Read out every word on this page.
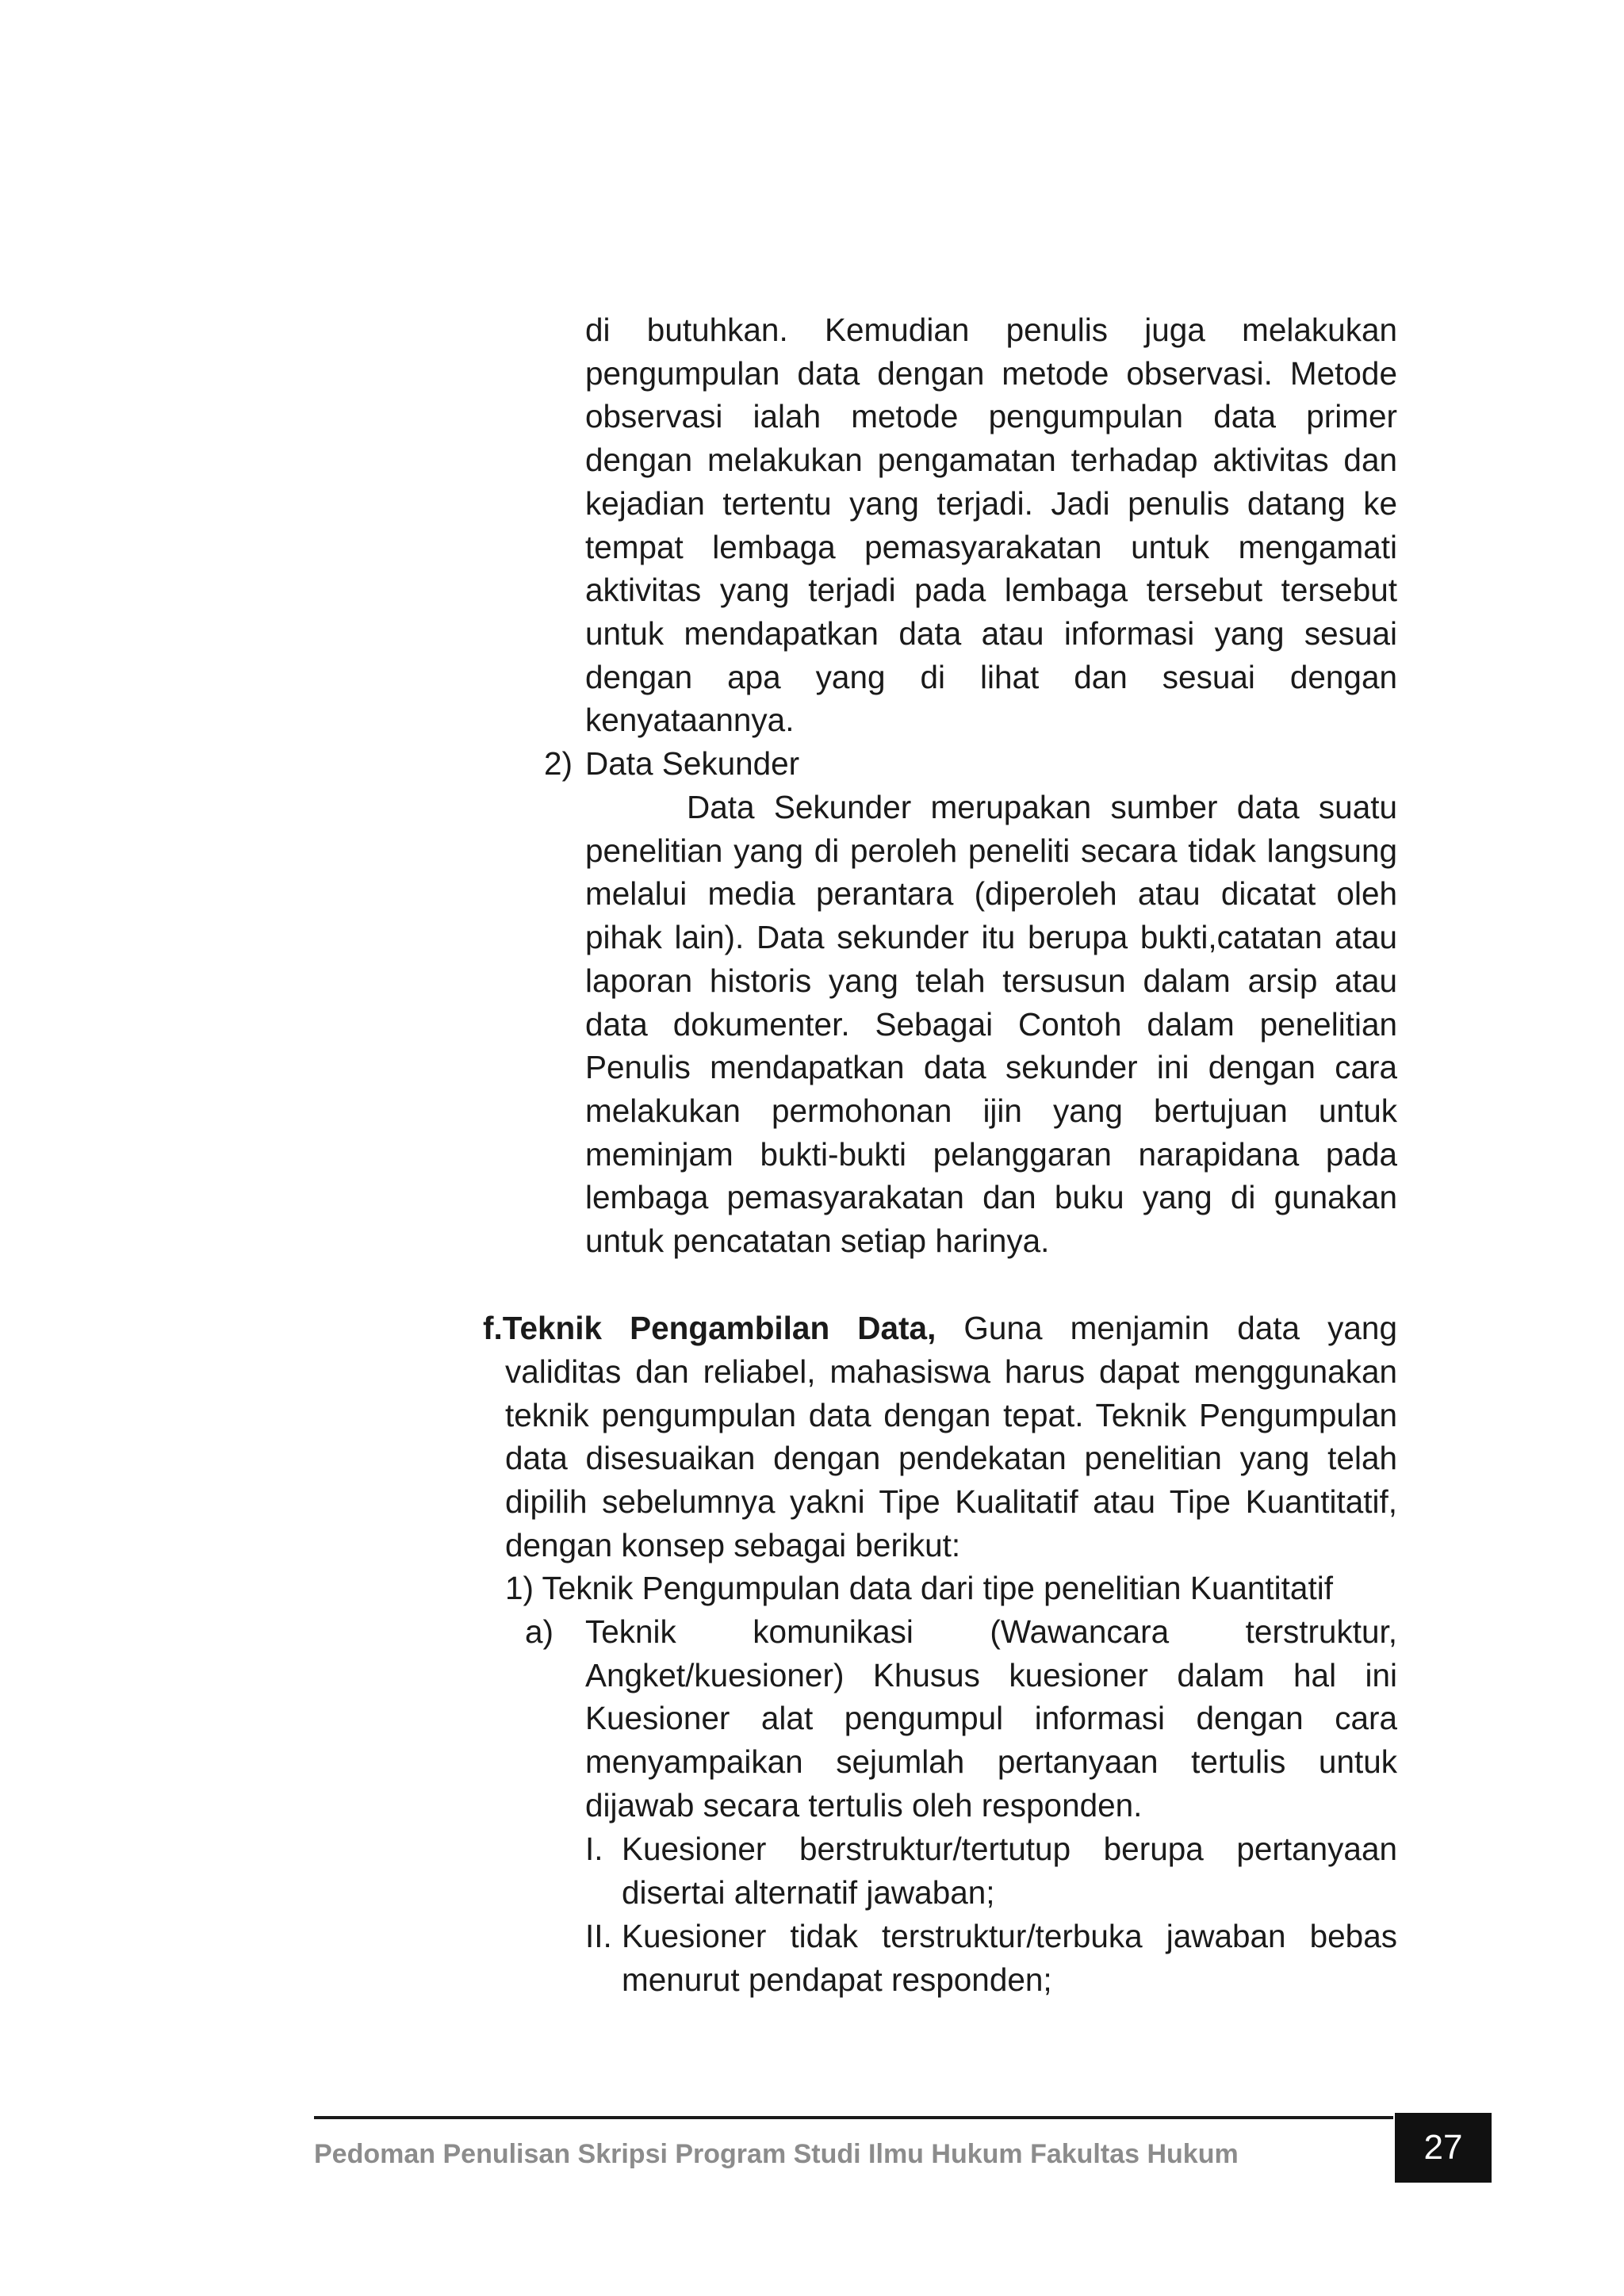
di butuhkan. Kemudian penulis juga melakukan pengumpulan data dengan metode observasi. Metode observasi ialah metode pengumpulan data primer dengan melakukan pengamatan terhadap aktivitas dan kejadian tertentu yang terjadi. Jadi penulis datang ke tempat lembaga pemasyarakatan untuk mengamati aktivitas yang terjadi pada lembaga tersebut tersebut untuk mendapatkan data atau informasi yang sesuai dengan apa yang di lihat dan sesuai dengan kenyataannya.

2) Data Sekunder

Data Sekunder merupakan sumber data suatu penelitian yang di peroleh peneliti secara tidak langsung melalui media perantara (diperoleh atau dicatat oleh pihak lain). Data sekunder itu berupa bukti,catatan atau laporan historis yang telah tersusun dalam arsip atau data dokumenter. Sebagai Contoh dalam penelitian Penulis mendapatkan data sekunder ini dengan cara melakukan permohonan ijin yang bertujuan untuk meminjam bukti-bukti pelanggaran narapidana pada lembaga pemasyarakatan dan buku yang di gunakan untuk pencatatan setiap harinya.

f.Teknik Pengambilan Data, Guna menjamin data yang

validitas dan reliabel, mahasiswa harus dapat menggunakan teknik pengumpulan data dengan tepat. Teknik Pengumpulan data disesuaikan dengan pendekatan penelitian yang telah dipilih sebelumnya yakni Tipe Kualitatif atau Tipe Kuantitatif, dengan konsep sebagai berikut:

1) Teknik Pengumpulan data dari tipe penelitian Kuantitatif
a) Teknik komunikasi (Wawancara terstruktur, Angket/kuesioner) Khusus kuesioner dalam hal ini Kuesioner alat pengumpul informasi dengan cara menyampaikan sejumlah pertanyaan tertulis untuk dijawab secara tertulis oleh responden.

I. Kuesioner berstruktur/tertutup berupa pertanyaan disertai alternatif jawaban;
II. Kuesioner tidak terstruktur/terbuka jawaban bebas menurut pendapat responden;
Pedoman Penulisan Skripsi Program Studi Ilmu Hukum Fakultas Hukum	27
